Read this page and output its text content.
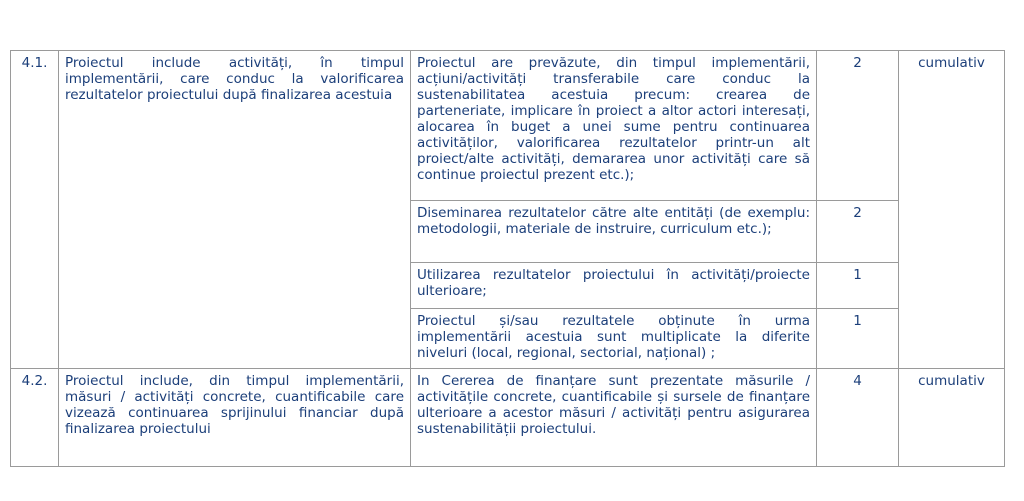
4.1.	Proiectul include activități, în timpul implementării, care conduc la valorificarea rezultatelor proiectului după finalizarea acestuia	Proiectul are prevăzute, din timpul implementării, acțiuni/activități transferabile care conduc la sustenabilitatea acestuia precum: crearea de parteneriate, implicare în proiect a altor actori interesați, alocarea în buget a unei sume pentru continuarea activităților, valorificarea rezultatelor printr-un alt proiect/alte activități, demararea unor activități care să continue proiectul prezent etc.);	2	cumulativ

		Diseminarea rezultatelor către alte entități (de exemplu: metodologii, materiale de instruire, curriculum etc.);	2	

		Utilizarea rezultatelor proiectului în activități/proiecte ulterioare;	1	

		Proiectul și/sau rezultatele obținute în urma implementării acestuia sunt multiplicate la diferite niveluri (local, regional, sectorial, național) ;	1	
4.2.	Proiectul include, din timpul implementării, măsuri / activități concrete, cuantificabile care vizează continuarea sprijinului financiar după finalizarea proiectului	In Cererea de finanțare sunt prezentate măsurile / activitățile concrete, cuantificabile și sursele de finanțare ulterioare a acestor măsuri / activități pentru asigurarea sustenabilității proiectului.	4	cumulativ
